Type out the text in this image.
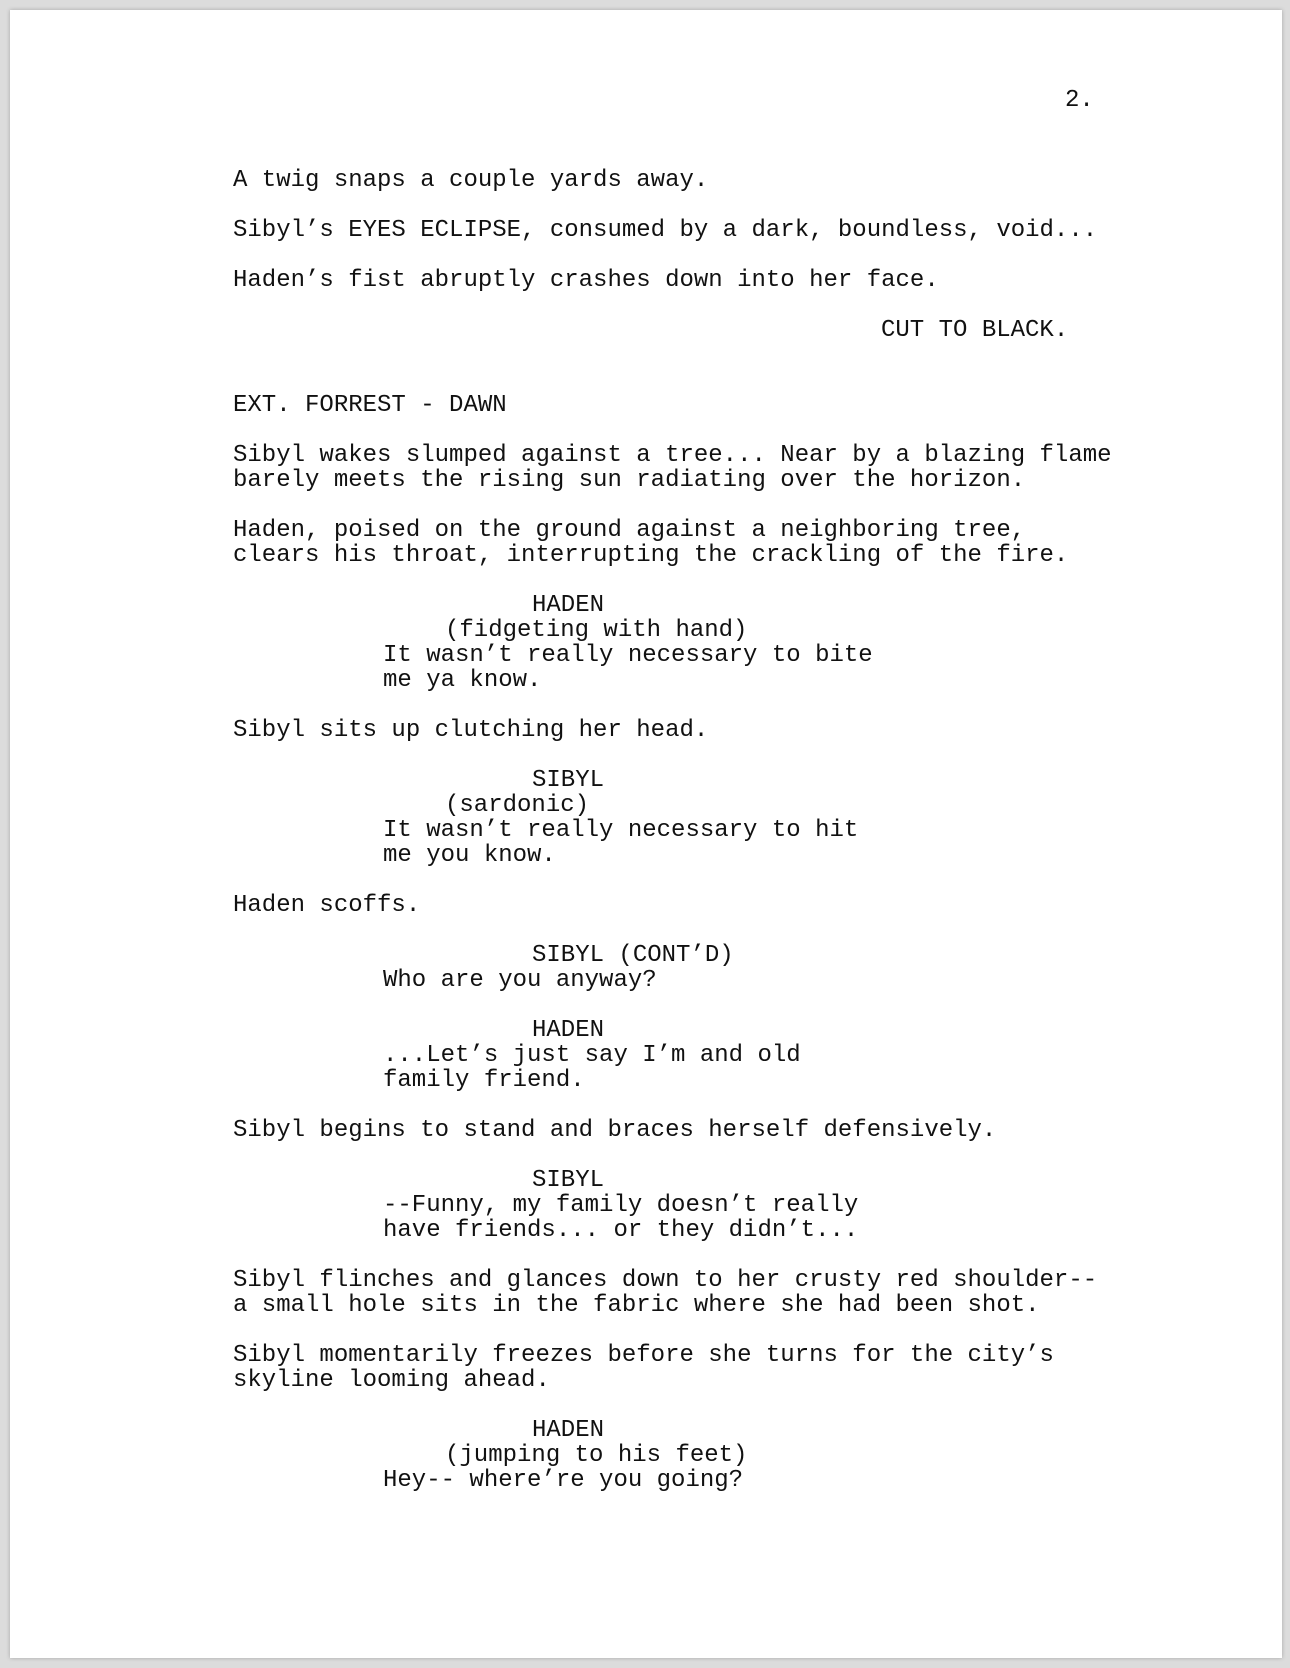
2.
A twig snaps a couple yards away.
Sibyl’s EYES ECLIPSE, consumed by a dark, boundless, void...
Haden’s fist abruptly crashes down into her face.
CUT TO BLACK.
EXT. FORREST - DAWN
Sibyl wakes slumped against a tree... Near by a blazing flame
barely meets the rising sun radiating over the horizon.
Haden, poised on the ground against a neighboring tree,
clears his throat, interrupting the crackling of the fire.
HADEN
(fidgeting with hand)
It wasn’t really necessary to bite
me ya know.
Sibyl sits up clutching her head.
SIBYL
(sardonic)
It wasn’t really necessary to hit
me you know.
Haden scoffs.
SIBYL (CONT’D)
Who are you anyway?
HADEN
...Let’s just say I’m and old
family friend.
Sibyl begins to stand and braces herself defensively.
SIBYL
--Funny, my family doesn’t really
have friends... or they didn’t...
Sibyl flinches and glances down to her crusty red shoulder--
a small hole sits in the fabric where she had been shot.
Sibyl momentarily freezes before she turns for the city’s
skyline looming ahead.
HADEN
(jumping to his feet)
Hey-- where’re you going?
